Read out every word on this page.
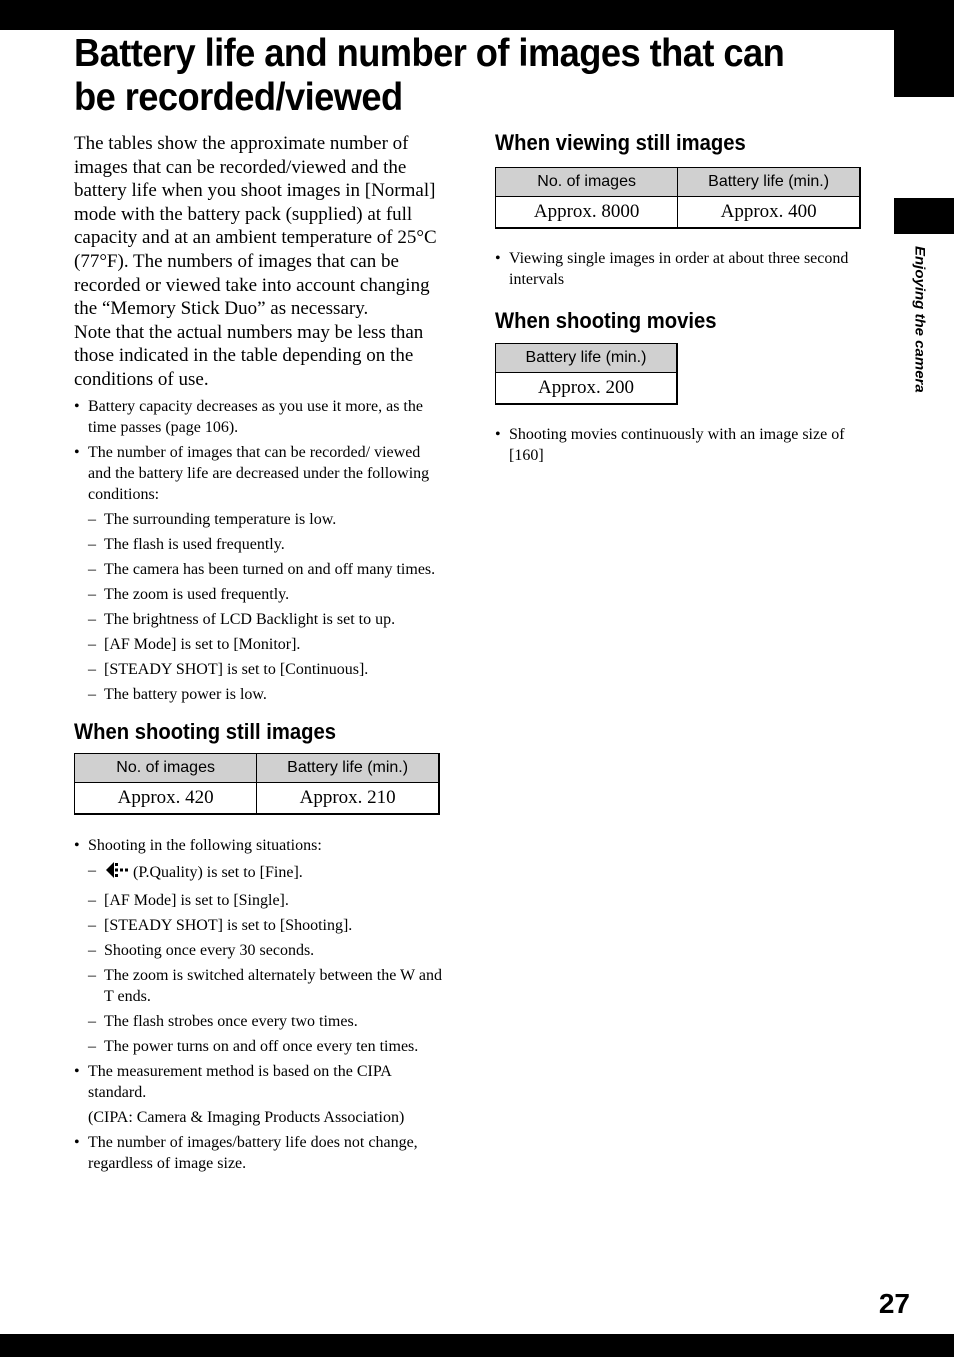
Enjoying the camera
Battery life and number of images that can be recorded/viewed

The tables show the approximate number of images that can be recorded/viewed and the battery life when you shoot images in [Normal] mode with the battery pack (supplied) at full capacity and at an ambient temperature of 25°C (77°F). The numbers of images that can be recorded or viewed take into account changing the “Memory Stick Duo” as necessary.

Note that the actual numbers may be less than those indicated in the table depending on the conditions of use.

• Battery capacity decreases as you use it more, as the time passes (page 106).
• The number of images that can be recorded/ viewed and the battery life are decreased under the following conditions:
– The surrounding temperature is low.
– The flash is used frequently.
– The camera has been turned on and off many times.
– The zoom is used frequently.
– The brightness of LCD Backlight is set to up.
– [AF Mode] is set to [Monitor].
– [STEADY SHOT] is set to [Continuous].
– The battery power is low.
When shooting still images
No. of images	Battery life (min.)
Approx. 420	Approx. 210
• Shooting in the following situations:
– (P.Quality) is set to [Fine].
– [AF Mode] is set to [Single].
– [STEADY SHOT] is set to [Shooting].
– Shooting once every 30 seconds.
– The zoom is switched alternately between the W and T ends.
– The flash strobes once every two times.
– The power turns on and off once every ten times.
• The measurement method is based on the CIPA standard.

(CIPA: Camera & Imaging Products Association)

• The number of images/battery life does not change, regardless of image size.
When viewing still images
No. of images	Battery life (min.)
Approx. 8000	Approx. 400
• Viewing single images in order at about three second intervals
When shooting movies
Battery life (min.)
Approx. 200
• Shooting movies continuously with an image size of [160]
27
